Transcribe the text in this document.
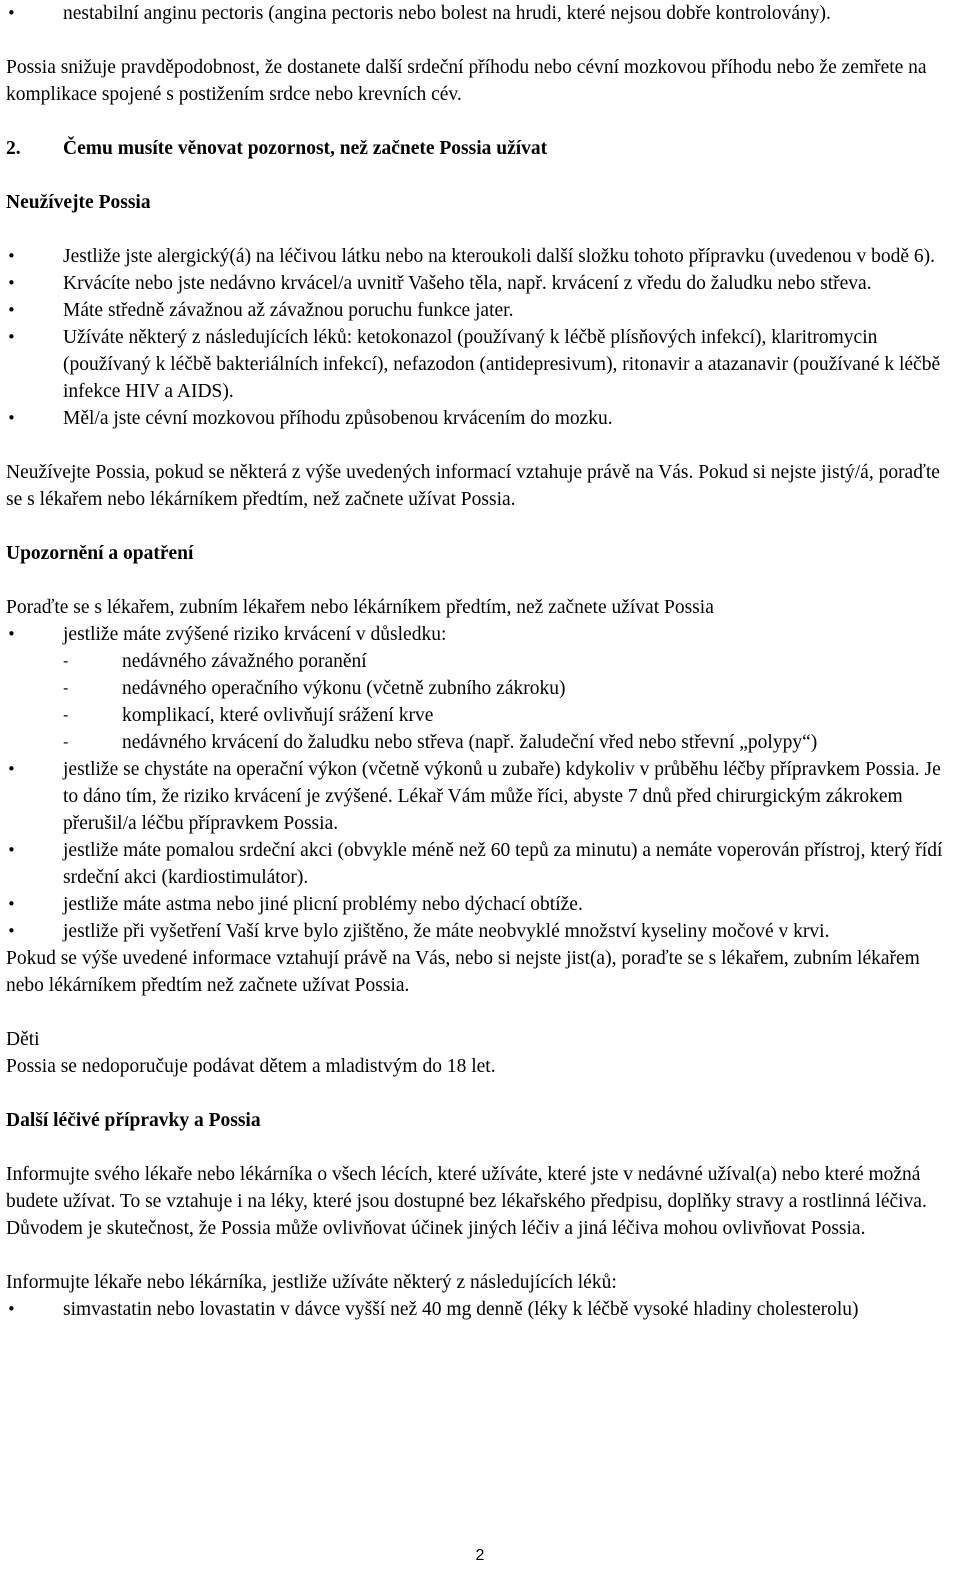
• nestabilní anginu pectoris (angina pectoris nebo bolest na hrudi, které nejsou dobře kontrolovány).

Possia snižuje pravděpodobnost, že dostanete další srdeční příhodu nebo cévní mozkovou příhodu nebo že zemřete na komplikace spojené s postižením srdce nebo krevních cév.

2.	Čemu musíte věnovat pozornost, než začnete Possia užívat

Neužívejte Possia

• Jestliže jste alergický(á) na léčivou látku nebo na kteroukoli další složku tohoto přípravku (uvedenou v bodě 6).
• Krvácíte nebo jste nedávno krvácel/a uvnitř Vašeho těla, např. krvácení z vředu do žaludku nebo střeva.
• Máte středně závažnou až závažnou poruchu funkce jater.
• Užíváte některý z následujících léků: ketokonazol (používaný k léčbě plísňových infekcí), klaritromycin (používaný k léčbě bakteriálních infekcí), nefazodon (antidepresivum), ritonavir a atazanavir (používané k léčbě infekce HIV a AIDS).
• Měl/a jste cévní mozkovou příhodu způsobenou krvácením do mozku.

Neužívejte Possia, pokud se některá z výše uvedených informací vztahuje právě na Vás. Pokud si nejste jistý/á, poraďte se s lékařem nebo lékárníkem předtím, než začnete užívat Possia.

Upozornění a opatření

Poraďte se s lékařem, zubním lékařem nebo lékárníkem předtím, než začnete užívat Possia

• jestliže máte zvýšené riziko krvácení v důsledku:
- nedávného závažného poranění
- nedávného operačního výkonu (včetně zubního zákroku)
- komplikací, které ovlivňují srážení krve
- nedávného krvácení do žaludku nebo střeva (např. žaludeční vřed nebo střevní „polypy“)
• jestliže se chystáte na operační výkon (včetně výkonů u zubaře) kdykoliv v průběhu léčby přípravkem Possia. Je to dáno tím, že riziko krvácení je zvýšené. Lékař Vám může říci, abyste 7 dnů před chirurgickým zákrokem přerušil/a léčbu přípravkem Possia.
• jestliže máte pomalou srdeční akci (obvykle méně než 60 tepů za minutu) a nemáte voperován přístroj, který řídí srdeční akci (kardiostimulátor).
• jestliže máte astma nebo jiné plicní problémy nebo dýchací obtíže.
• jestliže při vyšetření Vaší krve bylo zjištěno, že máte neobvyklé množství kyseliny močové v krvi.

Pokud se výše uvedené informace vztahují právě na Vás, nebo si nejste jist(a), poraďte se s lékařem, zubním lékařem nebo lékárníkem předtím než začnete užívat Possia.

Děti

Possia se nedoporučuje podávat dětem a mladistvým do 18 let.

Další léčivé přípravky a Possia

Informujte svého lékaře nebo lékárníka o všech lécích, které užíváte, které jste v nedávné užíval(a) nebo které možná budete užívat. To se vztahuje i na léky, které jsou dostupné bez lékařského předpisu, doplňky stravy a rostlinná léčiva. Důvodem je skutečnost, že Possia může ovlivňovat účinek jiných léčiv a jiná léčiva mohou ovlivňovat Possia.

Informujte lékaře nebo lékárníka, jestliže užíváte některý z následujících léků:

• simvastatin nebo lovastatin v dávce vyšší než 40 mg denně (léky k léčbě vysoké hladiny cholesterolu)
2
